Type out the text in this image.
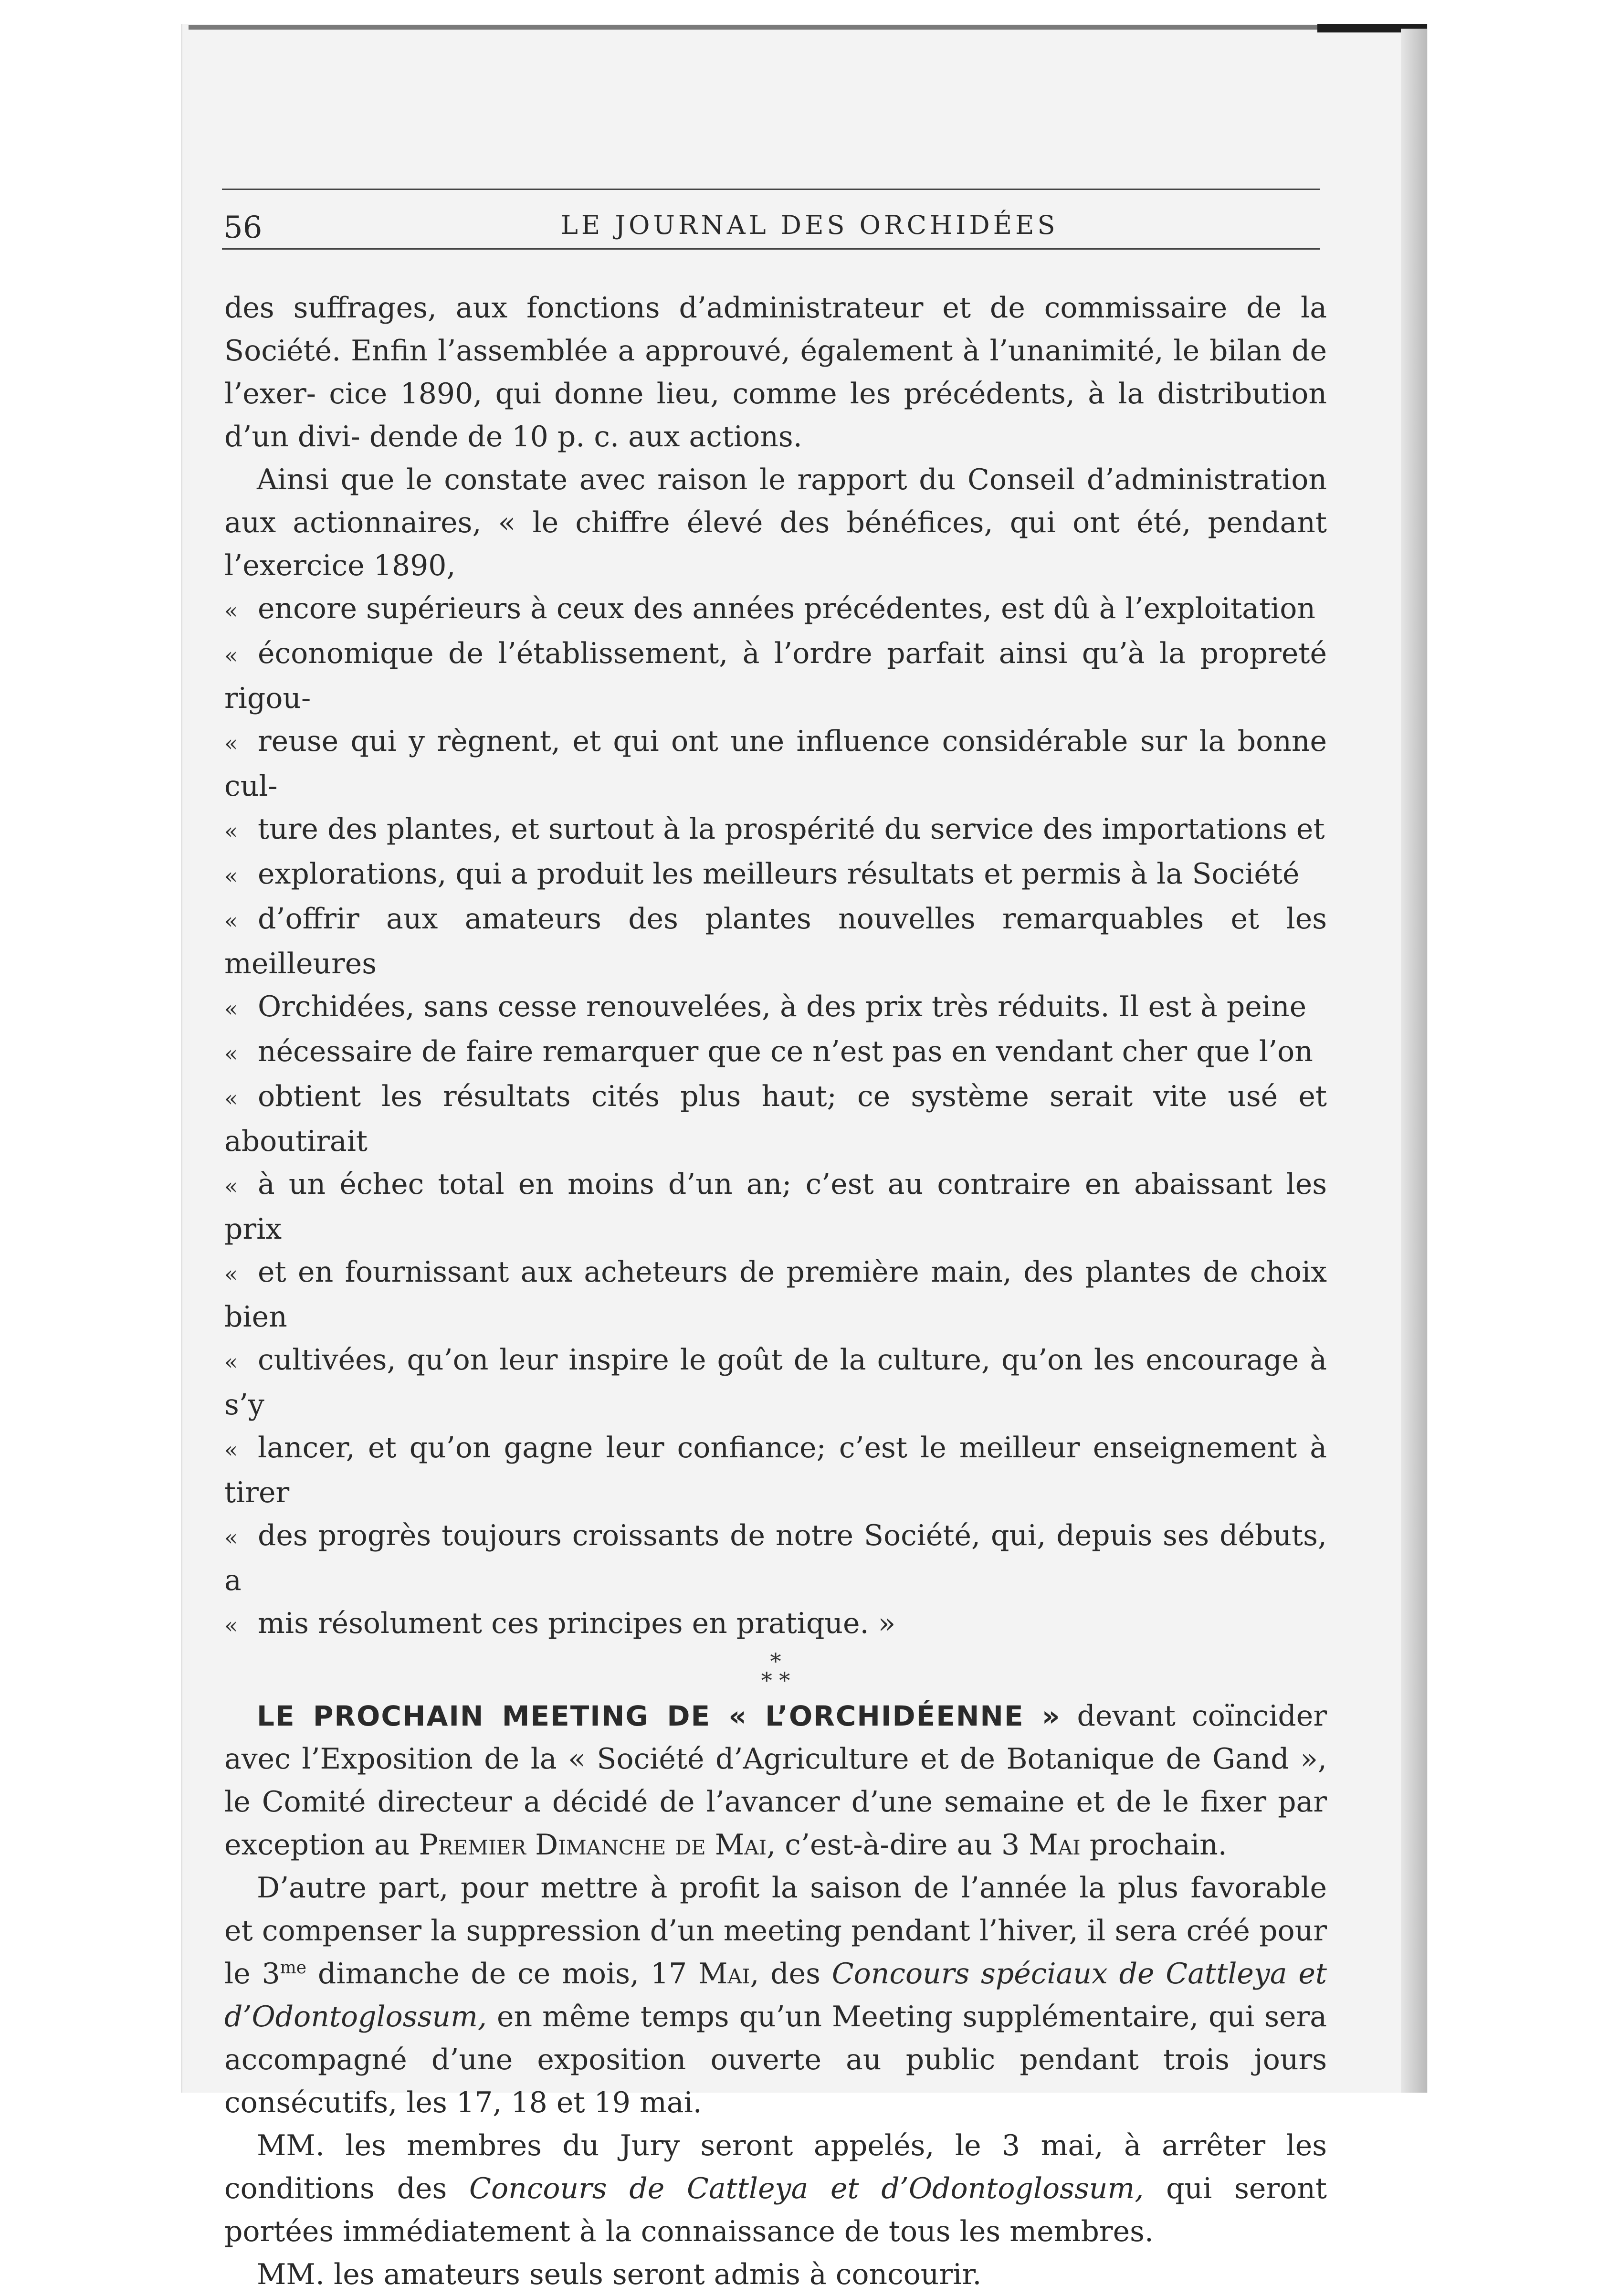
56	LE JOURNAL DES ORCHIDÉES

des suffrages, aux fonctions d’administrateur et de commissaire de la Société. Enfin l’assemblée a approuvé, également à l’unanimité, le bilan de l’exer- cice 1890, qui donne lieu, comme les précédents, à la distribution d’un divi- dende de 10 p. c. aux actions.

Ainsi que le constate avec raison le rapport du Conseil d’administration aux actionnaires, « le chiffre élevé des bénéfices, qui ont été, pendant l’exercice 1890,

« encore supérieurs à ceux des années précédentes, est dû à l’exploitation

« économique de l’établissement, à l’ordre parfait ainsi qu’à la propreté rigou-

« reuse qui y règnent, et qui ont une influence considérable sur la bonne cul-

« ture des plantes, et surtout à la prospérité du service des importations et

« explorations, qui a produit les meilleurs résultats et permis à la Société

« d’offrir aux amateurs des plantes nouvelles remarquables et les meilleures

« Orchidées, sans cesse renouvelées, à des prix très réduits. Il est à peine

« nécessaire de faire remarquer que ce n’est pas en vendant cher que l’on

« obtient les résultats cités plus haut; ce système serait vite usé et aboutirait

« à un échec total en moins d’un an; c’est au contraire en abaissant les prix

« et en fournissant aux acheteurs de première main, des plantes de choix bien

« cultivées, qu’on leur inspire le goût de la culture, qu’on les encourage à s’y

« lancer, et qu’on gagne leur confiance; c’est le meilleur enseignement à tirer

« des progrès toujours croissants de notre Société, qui, depuis ses débuts, a

« mis résolument ces principes en pratique. »

*
* *

LE PROCHAIN MEETING DE « L’ORCHIDÉENNE » devant coïncider avec l’Exposition de la « Société d’Agriculture et de Botanique de Gand », le Comité directeur a décidé de l’avancer d’une semaine et de le fixer par exception au Premier Dimanche de Mai, c’est-à-dire au 3 Mai prochain.

D’autre part, pour mettre à profit la saison de l’année la plus favorable et compenser la suppression d’un meeting pendant l’hiver, il sera créé pour le $3^{me}$ dimanche de ce mois, 17 Mai, des Concours spéciaux de Cattleya et d’Odontoglossum, en même temps qu’un Meeting supplémentaire, qui sera accompagné d’une exposition ouverte au public pendant trois jours consécutifs, les 17, 18 et 19 mai.

MM. les membres du Jury seront appelés, le 3 mai, à arrêter les conditions des Concours de Cattleya et d’Odontoglossum, qui seront portées immédiatement à la connaissance de tous les membres.

MM. les amateurs seuls seront admis à concourir.
